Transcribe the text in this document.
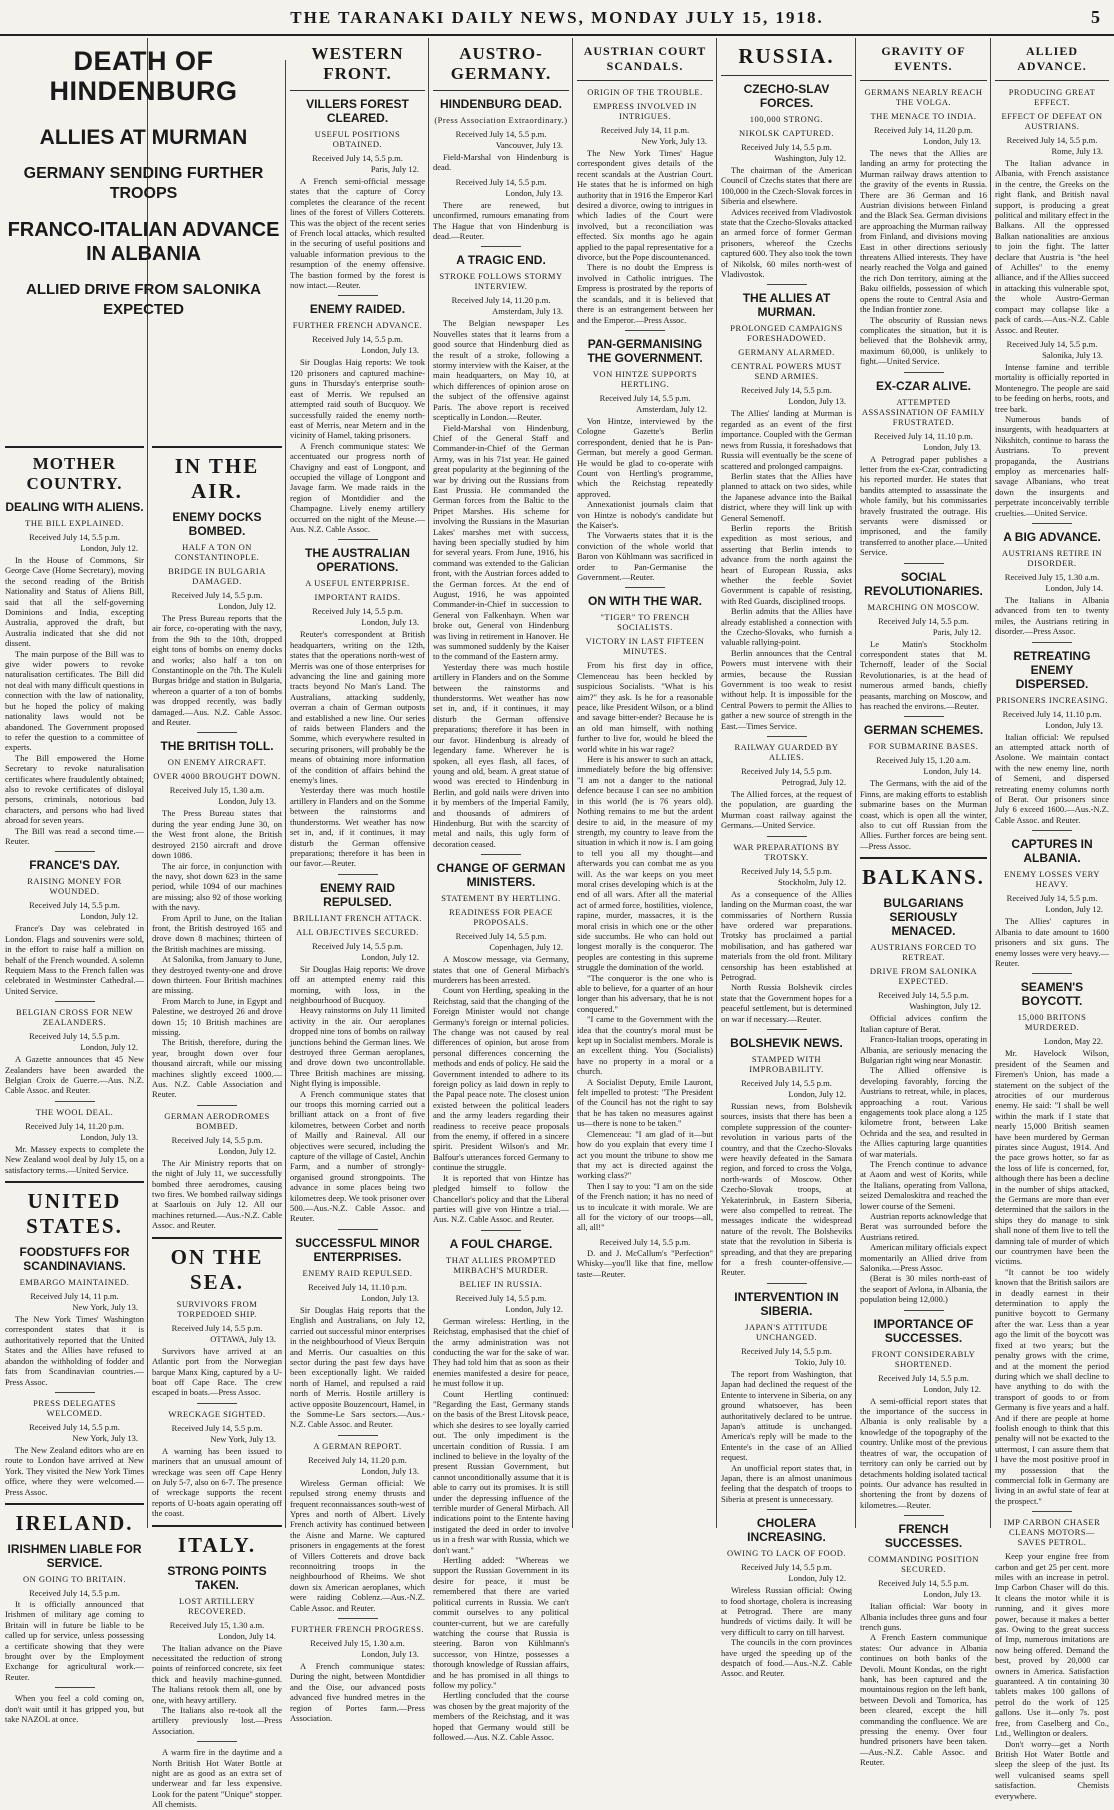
THE TARANAKI DAILY NEWS, MONDAY JULY 15, 1918.	5
DEATH OF HINDENBURG
ALLIES AT MURMAN
GERMANY SENDING FURTHER TROOPS
FRANCO-ITALIAN ADVANCE IN ALBANIA
ALLIED DRIVE FROM SALONIKA EXPECTED
MOTHER COUNTRY.
DEALING WITH ALIENS.
THE BILL EXPLAINED.
Received July 14, 5.5 p.m.
London, July 12.

In the House of Commons, Sir George Cave (Home Secretary), moving the second reading of the British Nationality and Status of Aliens Bill, said that all the self-governing Dominions and India, excepting Australia, approved the draft, but Australia indicated that she did not dissent.

The main purpose of the Bill was to give wider powers to revoke naturalisation certificates. The Bill did not deal with many difficult questions in connection with the law of nationality, but he hoped the policy of making nationality laws would not be abandoned. The Government proposed to refer the question to a committee of experts.

The Bill empowered the Home Secretary to revoke naturalisation certificates where fraudulently obtained; also to revoke certificates of disloyal persons, criminals, notorious bad characters, and persons who had lived abroad for seven years.

The Bill was read a second time.—Reuter.

FRANCE'S DAY.
RAISING MONEY FOR WOUNDED.
Received July 14, 5.5 p.m.
London, July 12.

France's Day was celebrated in London. Flags and souvenirs were sold, in the effort to raise half a million on behalf of the French wounded. A solemn Requiem Mass to the French fallen was celebrated in Westminster Cathedral.—United Service.

BELGIAN CROSS FOR NEW ZEALANDERS.
Received July 14, 5.5 p.m.
London, July 12.

A Gazette announces that 45 New Zealanders have been awarded the Belgian Croix de Guerre.—Aus. N.Z. Cable Assoc. and Reuter.

THE WOOL DEAL.
Received July 14, 11.20 p.m.
London, July 13.

Mr. Massey expects to complete the New Zealand wool deal by July 15, on a satisfactory terms.—United Service.

UNITED STATES.
FOODSTUFFS FOR SCANDINAVIANS.
EMBARGO MAINTAINED.
Received July 14, 11 p.m.
New York, July 13.

The New York Times' Washington correspondent states that it is authoritatively reported that the United States and the Allies have refused to abandon the withholding of fodder and fats from Scandinavian countries.—Press Assoc.

PRESS DELEGATES WELCOMED.
Received July 14, 5.5 p.m.
New York, July 13.

The New Zealand editors who are en route to London have arrived at New York. They visited the New York Times office, where they were welcomed.—Press Assoc.

IRELAND.
IRISHMEN LIABLE FOR SERVICE.
ON GOING TO BRITAIN.
Received July 14, 5.5 p.m.

It is officially announced that Irishmen of military age coming to Britain will in future be liable to be called up for service, unless possessing a certificate showing that they were brought over by the Employment Exchange for agricultural work.—Reuter.

When you feel a cold coming on, don't wait until it has gripped you, but take NAZOL at once.

IN THE AIR.
ENEMY DOCKS BOMBED.
HALF A TON ON CONSTANTINOPLE.
BRIDGE IN BULGARIA DAMAGED.
Received July 14, 5.5 p.m.
London, July 12.

The Press Bureau reports that the air force, co-operating with the navy, from the 9th to the 10th, dropped eight tons of bombs on enemy docks and works; also half a ton on Constantinople on the 7th. The Kuleli Burgas bridge and station in Bulgaria, whereon a quarter of a ton of bombs was dropped recently, was badly damaged.—Aus. N.Z. Cable Assoc. and Reuter.

THE BRITISH TOLL.
ON ENEMY AIRCRAFT.
OVER 4000 BROUGHT DOWN.
Received July 15, 1.30 a.m.
London, July 13.

The Press Bureau states that during the year ending June 30, on the West front alone, the British destroyed 2150 aircraft and drove down 1086.

The air force, in conjunction with the navy, shot down 623 in the same period, while 1094 of our machines are missing; also 92 of those working with the navy.

From April to June, on the Italian front, the British destroyed 165 and drove down 8 machines; thirteen of the British machines are missing.

At Salonika, from January to June, they destroyed twenty-one and drove down thirteen. Four British machines are missing.

From March to June, in Egypt and Palestine, we destroyed 26 and drove down 15; 10 British machines are missing.

The British, therefore, during the year, brought down over four thousand aircraft, while our missing machines slightly exceed 1000.—Aus. N.Z. Cable Association and Reuter.

GERMAN AERODROMES BOMBED.
Received July 14, 5.5 p.m.
London, July 12.

The Air Ministry reports that on the night of July 11, we successfully bombed three aerodromes, causing two fires. We bombed railway sidings at Saarlouis on July 12. All our machines returned.—Aus.-N.Z. Cable Assoc. and Reuter.

ON THE SEA.
SURVIVORS FROM TORPEDOED SHIP.
Received July 14, 5.5 p.m.
OTTAWA, July 13.

Survivors have arrived at an Atlantic port from the Norwegian barque Manx King, captured by a U-boat off Cape Race. The crew escaped in boats.—Press Assoc.

WRECKAGE SIGHTED.
Received July 14, 5.5 p.m.
New York, July 13.

A warning has been issued to mariners that an unusual amount of wreckage was seen off Cape Henry on July 5-7, also on 6-7. The presence of wreckage supports the recent reports of U-boats again operating off the coast.

ITALY.
STRONG POINTS TAKEN.
LOST ARTILLERY RECOVERED.
Received July 15, 1.30 a.m.
London, July 14.

The Italian advance on the Piave necessitated the reduction of strong points of reinforced concrete, six feet thick and heavily machine-gunned. The Italians retook them all, one by one, with heavy artillery.

The Italians also re-took all the artillery previously lost.—Press Association.

A warm fire in the daytime and a North British Hot Water Bottle at night are as good as an extra set of underwear and far less expensive. Look for the patent "Unique" stopper. All chemists.

WESTERN FRONT.
VILLERS FOREST CLEARED.
USEFUL POSITIONS OBTAINED.
Received July 14, 5.5 p.m.
Paris, July 12.

A French semi-official message states that the capture of Corcy completes the clearance of the recent lines of the forest of Villers Cotterets. This was the object of the recent series of French local attacks, which resulted in the securing of useful positions and valuable information previous to the resumption of the enemy offensive. The bastion formed by the forest is now intact.—Reuter.

ENEMY RAIDED.
FURTHER FRENCH ADVANCE.
Received July 14, 5.5 p.m.
London, July 13.

Sir Douglas Haig reports: We took 120 prisoners and captured machine-guns in Thursday's enterprise south-east of Merris. We repulsed an attempted raid south of Bucquoy. We successfully raided the enemy north-east of Merris, near Metern and in the vicinity of Hamel, taking prisoners.

A French communique states: We accentuated our progress north of Chavigny and east of Longpont, and occupied the village of Longpont and Javage farm. We made raids in the region of Montdidier and the Champagne. Lively enemy artillery occurred on the night of the Meuse.—Aus. N.Z. Cable Assoc.

THE AUSTRALIAN OPERATIONS.
A USEFUL ENTERPRISE.
IMPORTANT RAIDS.
Received July 14, 5.5 p.m.
London, July 13.

Reuter's correspondent at British headquarters, writing on the 12th, states that the operations north-west of Merris was one of those enterprises for advancing the line and gaining more tracts beyond No Man's Land. The Australians, attacking suddenly, overran a chain of German outposts and established a new line. Our series of raids between Flanders and the Somme, which everywhere resulted in securing prisoners, will probably be the means of obtaining more information of the condition of affairs behind the enemy's lines.

Yesterday there was much hostile artillery in Flanders and on the Somme between the rainstorms and thunderstorms. Wet weather has now set in, and, if it continues, it may disturb the German offensive preparations; therefore it has been in our favor.—Reuter.

ENEMY RAID REPULSED.
BRILLIANT FRENCH ATTACK.
ALL OBJECTIVES SECURED.
Received July 14, 5.5 p.m.
London, July 12.

Sir Douglas Haig reports: We drove off an attempted enemy raid this morning, with loss, in the neighbourhood of Bucquoy.

Heavy rainstorms on July 11 limited activity in the air. Our aeroplanes dropped nine tons of bombs on railway junctions behind the German lines. We destroyed three German aeroplanes, and drove down two uncontrollable. Three British machines are missing. Night flying is impossible.

A French communique states that our troops this morning carried out a brilliant attack on a front of five kilometres, between Corbet and north of Mailly and Raineval. All our objectives were secured, including the capture of the village of Castel, Anchin Farm, and a number of strongly-organised ground strongpoints. The advance in some places being two kilometres deep. We took prisoner over 500.—Aus.-N.Z. Cable Assoc. and Reuter.

SUCCESSFUL MINOR ENTERPRISES.
ENEMY RAID REPULSED.
Received July 14, 11.10 p.m.
London, July 13.

Sir Douglas Haig reports that the English and Australians, on July 12, carried out successful minor enterprises in the neighbourhood of Vieux Berquin and Merris. Our casualties on this sector during the past few days have been exceptionally light. We raided north of Hamel, and repulsed a raid north of Merris. Hostile artillery is active opposite Bouzencourt, Hamel, in the Somme-Le Sars sectors.—Aus.-N.Z. Cable Assoc. and Reuter.

A GERMAN REPORT.
Received July 14, 11.20 p.m.
London, July 13.

Wireless German official: We repulsed strong enemy thrusts and frequent reconnaissances south-west of Ypres and north of Albert. Lively French activity has continued between the Aisne and Marne. We captured prisoners in engagements at the forest of Villers Cotterets and drove back reconnoitring troops in the neighbourhood of Rheims. We shot down six American aeroplanes, which were raiding Coblenz.—Aus.-N.Z. Cable Assoc. and Reuter.

FURTHER FRENCH PROGRESS.
Received July 15, 1.30 a.m.
London, July 13.

A French communique states: During the night, between Montdidier and the Oise, our advanced posts advanced five hundred metres in the region of Portes farm.—Press Association.

AUSTRO-GERMANY.
HINDENBURG DEAD.
(Press Association Extraordinary.)
Received July 14, 5.5 p.m.
Vancouver, July 13.

Field-Marshal von Hindenburg is dead.

Received July 14, 5.5 p.m.
London, July 13.

There are renewed, but unconfirmed, rumours emanating from The Hague that von Hindenburg is dead.—Reuter.

A TRAGIC END.
STROKE FOLLOWS STORMY INTERVIEW.
Received July 14, 11.20 p.m.
Amsterdam, July 13.

The Belgian newspaper Les Nouvelles states that it learns from a good source that Hindenburg died as the result of a stroke, following a stormy interview with the Kaiser, at the main headquarters, on May 10, at which differences of opinion arose on the subject of the offensive against Paris. The above report is received sceptically in London.—Reuter.

Field-Marshal von Hindenburg, Chief of the General Staff and Commander-in-Chief of the German Army, was in his 71st year. He gained great popularity at the beginning of the war by driving out the Russians from East Prussia. He commanded the German forces from the Baltic to the Pripet Marshes. His scheme for involving the Russians in the Masurian Lakes' marshes met with success, having been specially studied by him for several years. From June, 1916, his command was extended to the Galician front, with the Austrian forces added to the German forces. At the end of August, 1916, he was appointed Commander-in-Chief in succession to General von Falkenhayn. When war broke out, General von Hindenburg was living in retirement in Hanover. He was summoned suddenly by the Kaiser to the command of the Eastern army.

Yesterday there was much hostile artillery in Flanders and on the Somme between the rainstorms and thunderstorms. Wet weather has now set in, and, if it continues, it may disturb the German offensive preparations; therefore it has been in our favor. Hindenburg is already of legendary fame. Wherever he is spoken, all eyes flash, all faces, of young and old, beam. A great statue of wood was erected to Hindenburg in Berlin, and gold nails were driven into it by members of the Imperial Family, and thousands of admirers of Hindenburg. But with the scarcity of metal and nails, this ugly form of decoration ceased.

CHANGE OF GERMAN MINISTERS.
STATEMENT BY HERTLING.
READINESS FOR PEACE PROPOSALS.
Received July 14, 5.5 p.m.
Copenhagen, July 12.

A Moscow message, via Germany, states that one of General Mirbach's murderers has been arrested.

Count von Hertling, speaking in the Reichstag, said that the changing of the Foreign Minister would not change Germany's foreign or internal policies. The change was not caused by real differences of opinion, but arose from personal differences concerning the methods and ends of policy. He said the Government intended to adhere to its foreign policy as laid down in reply to the Papal peace note. The closest union existed between the political leaders and the army leaders regarding their readiness to receive peace proposals from the enemy, if offered in a sincere spirit. President Wilson's and Mr. Balfour's utterances forced Germany to continue the struggle.

It is reported that von Hintze has pledged himself to follow the Chancellor's policy and that the Liberal parties will give von Hintze a trial.—Aus. N.Z. Cable Assoc. and Reuter.

A FOUL CHARGE.
THAT ALLIES PROMPTED MIRBACH'S MURDER.
BELIEF IN RUSSIA.
Received July 14, 5.5 p.m.
London, July 12.

German wireless: Hertling, in the Reichstag, emphasised that the chief of the army administration was not conducting the war for the sake of war. They had told him that as soon as their enemies manifested a desire for peace, he must follow it up.

Count Hertling continued: "Regarding the East, Germany stands on the basis of the Brest Litovsk peace, which she desires to see loyally carried out. The only impediment is the uncertain condition of Russia. I am inclined to believe in the loyalty of the present Russian Government, but cannot unconditionally assume that it is able to carry out its promises. It is still under the depressing influence of the terrible murder of General Mirbach. All indications point to the Entente having instigated the deed in order to involve us in a fresh war with Russia, which we don't want."

Hertling added: "Whereas we support the Russian Government in its desire for peace, it must be remembered that there are varied political currents in Russia. We can't commit ourselves to any political counter-current, but we are carefully watching the course that Russia is steering. Baron von Kühlmann's successor, von Hintze, possesses a thorough knowledge of Russian affairs, and he has promised in all things to follow my policy."

Hertling concluded that the course was chosen by the great majority of the members of the Reichstag, and it was hoped that Germany would still be followed.—Aus. N.Z. Cable Assoc.

AUSTRIAN COURT SCANDALS.
ORIGIN OF THE TROUBLE.
EMPRESS INVOLVED IN INTRIGUES.
Received July 14, 11 p.m.
New York, July 13.

The New York Times' Hague correspondent gives details of the recent scandals at the Austrian Court. He states that he is informed on high authority that in 1916 the Emperor Karl desired a divorce, owing to intrigues in which ladies of the Court were involved, but a reconciliation was effected. Six months ago he again applied to the papal representative for a divorce, but the Pope discountenanced.

There is no doubt the Empress is involved in Catholic intrigues. The Empress is prostrated by the reports of the scandals, and it is believed that there is an estrangement between her and the Emperor.—Press Assoc.

PAN-GERMANISING THE GOVERNMENT.
VON HINTZE SUPPORTS HERTLING.
Received July 14, 5.5 p.m.
Amsterdam, July 12.

Von Hintze, interviewed by the Cologne Gazette's Berlin correspondent, denied that he is Pan-German, but merely a good German. He would be glad to co-operate with Count von Hertling's programme, which the Reichstag repeatedly approved.

Annexationist journals claim that von Hintze is nobody's candidate but the Kaiser's.

The Vorwaerts states that it is the conviction of the whole world that Baron von Kühlmann was sacrificed in order to Pan-Germanise the Government.—Reuter.

ON WITH THE WAR.
"TIGER" TO FRENCH SOCIALISTS.
VICTORY IN LAST FIFTEEN MINUTES.

From his first day in office, Clemenceau has been heckled by suspicious Socialists. "What is his aim?" they ask. Is he for a reasonable peace, like President Wilson, or a blind and savage bitter-ender? Because he is an old man himself, with nothing further to live for, would he bleed the world white in his war rage?

Here is his answer to such an attack, immediately before the big offensive: "I am not a danger to the national defence because I can see no ambition in this world (he is 76 years old). Nothing remains to me but the ardent desire to aid, in the measure of my strength, my country to leave from the situation in which it now is. I am going to tell you all my thought—and afterwards you can combat me as you will. As the war keeps on you meet moral crises developing which is at the end of all wars. After all the material act of armed force, hostilities, violence, rapine, murder, massacres, it is the moral crisis in which one or the other side succumbs. He who can hold out longest morally is the conqueror. The peoples are contesting in this supreme struggle the domination of the world.

"The conqueror is the one who is able to believe, for a quarter of an hour longer than his adversary, that he is not conquered."

"I came to the Government with the idea that the country's moral must be kept up in Socialist members. Morale is an excellent thing. You (Socialists) have no property in a moral or a church.

A Socialist Deputy, Emile Lauront, felt impelled to protest: "The President of the Council has not the right to say that he has taken no measures against us—there is none to be taken."

Clemenceau: "I am glad of it—but how do you explain that every time I act you mount the tribune to show me that my act is directed against the working class?"

Then I say to you: "I am on the side of the French nation; it has no need of us to inculcate it with morale. We are all for the victory of our troops—all, all, all!"

Received July 14, 5.5 p.m.

D. and J. McCallum's "Perfection" Whisky—you'll like that fine, mellow taste—Reuter.

RUSSIA.
CZECHO-SLAV FORCES.
100,000 STRONG.
NIKOLSK CAPTURED.
Received July 14, 5.5 p.m.
Washington, July 12.

The chairman of the American Council of Czechs states that there are 100,000 in the Czech-Slovak forces in Siberia and elsewhere.

Advices received from Vladivostok state that the Czecho-Slovaks attacked an armed force of former German prisoners, whereof the Czechs captured 600. They also took the town of Nikolsk, 60 miles north-west of Vladivostok.

THE ALLIES AT MURMAN.
PROLONGED CAMPAIGNS FORESHADOWED.
GERMANY ALARMED.
CENTRAL POWERS MUST SEND ARMIES.
Received July 14, 5.5 p.m.
London, July 13.

The Allies' landing at Murman is regarded as an event of the first importance. Coupled with the German news from Russia, it foreshadows that Russia will eventually be the scene of scattered and prolonged campaigns.

Berlin states that the Allies have planned to attack on two sides, while the Japanese advance into the Baikal district, where they will link up with General Semenoff.

Berlin reports the British expedition as most serious, and asserting that Berlin intends to advance from the north against the heart of European Russia, asks whether the feeble Soviet Government is capable of resisting, with Red Guards, disciplined troops.

Berlin admits that the Allies have already established a connection with the Czecho-Slovaks, who furnish a valuable rallying-point.

Berlin announces that the Central Powers must intervene with their armies, because the Russian Government is too weak to resist without help. It is impossible for the Central Powers to permit the Allies to gather a new source of strength in the East.—Times Service.

RAILWAY GUARDED BY ALLIES.
Received July 14, 5.5 p.m.
Petrograd, July 12.

The Allied forces, at the request of the population, are guarding the Murman coast railway against the Germans.—United Service.

WAR PREPARATIONS BY TROTSKY.
Received July 14, 5.5 p.m.
Stockholm, July 12.

As a consequence of the Allies landing on the Murman coast, the war commissaries of Northern Russia have ordered war preparations. Trotsky has proclaimed a partial mobilisation, and has gathered war materials from the old front. Military censorship has been established at Petrograd.

North Russia Bolshevik circles state that the Government hopes for a peaceful settlement, but is determined on war if necessary.—Reuter.

BOLSHEVIK NEWS.
STAMPED WITH IMPROBABILITY.
Received July 14, 5.5 p.m.
London, July 12.

Russian news, from Bolshevik sources, insists that there has been a complete suppression of the counter-revolution in various parts of the country, and that the Czecho-Slovaks were heavily defeated in the Samara region, and forced to cross the Volga, north-wards of Moscow. Other Czecho-Slovak troops, at Yekaterinbruk, in Eastern Siberia, were also compelled to retreat. The messages indicate the widespread nature of the revolt. The Bolsheviks state that the revolution in Siberia is spreading, and that they are preparing for a fresh counter-offensive.—Reuter.

INTERVENTION IN SIBERIA.
JAPAN'S ATTITUDE UNCHANGED.
Received July 14, 5.5 p.m.
Tokio, July 10.

The report from Washington, that Japan had declined the request of the Entente to intervene in Siberia, on any ground whatsoever, has been authoritatively declared to be untrue. Japan's attitude is unchanged. America's reply will be made to the Entente's in the case of an Allied request.

An unofficial report states that, in Japan, there is an almost unanimous feeling that the despatch of troops to Siberia at present is unnecessary.

CHOLERA INCREASING.
OWING TO LACK OF FOOD.
Received July 14, 5.5 p.m.
London, July 12.

Wireless Russian official: Owing to food shortage, cholera is increasing at Petrograd. There are many hundreds of victims daily. It will be very difficult to carry on till harvest.

The councils in the corn provinces have urged the speeding up of the despatch of food.—Aus.-N.Z. Cable Assoc. and Reuter.

GRAVITY OF EVENTS.
GERMANS NEARLY REACH THE VOLGA.
THE MENACE TO INDIA.
Received July 14, 11.20 p.m.
London, July 13.

The news that the Allies are landing an army for protecting the Murman railway draws attention to the gravity of the events in Russia. There are 36 German and 16 Austrian divisions between Finland and the Black Sea. German divisions are approaching the Murman railway from Finland, and divisions moving East in other directions seriously threatens Allied interests. They have nearly reached the Volga and gained the rich Don territory, aiming at the Baku oilfields, possession of which opens the route to Central Asia and the Indian frontier zone.

The obscurity of Russian news complicates the situation, but it is believed that the Bolshevik army, maximum 60,000, is unlikely to fight.—United Service.

EX-CZAR ALIVE.
ATTEMPTED ASSASSINATION OF FAMILY FRUSTRATED.
Received July 14, 11.10 p.m.
London, July 13.

A Petrograd paper publishes a letter from the ex-Czar, contradicting his reported murder. He states that bandits attempted to assassinate the whole family, but his commissaries bravely frustrated the outrage. His servants were dismissed or imprisoned, and the family transferred to another place.—United Service.

SOCIAL REVOLUTIONARIES.
MARCHING ON MOSCOW.
Received July 14, 5.5 p.m.
Paris, July 12.

Le Matin's Stockholm correspondent states that M. Tchernoff, leader of the Social Revolutionaries, is at the head of numerous armed bands, chiefly peasants, marching on Moscow, and has reached the environs.—Reuter.

GERMAN SCHEMES.
FOR SUBMARINE BASES.
Received July 15, 1.20 a.m.
London, July 14.

The Germans, with the aid of the Finns, are making efforts to establish submarine bases on the Murman coast, which is open all the winter, also to cut off Russian from the Allies. Further forces are being sent.—Press Assoc.

BALKANS.
BULGARIANS SERIOUSLY MENACED.
AUSTRIANS FORCED TO RETREAT.
DRIVE FROM SALONIKA EXPECTED.
Received July 14, 5.5 p.m.
Washington, July 12.

Official advices confirm the Italian capture of Berat.

Franco-Italian troops, operating in Albania, are seriously menacing the Bulgarian right wing near Monastir.

The Allied offensive is developing favorably, forcing the Austrians to retreat, while, in places, approaching a rout. Various engagements took place along a 125 kilometre front, between Lake Ochrida and the sea, and resulted in the Allies capturing large quantities of war materials.

The French continue to advance at Aaom and west of Korits, while the Italians, operating from Vallona, seized Demaloskitra and reached the lower course of the Semeni.

Austrian reports acknowledge that Berat was surrounded before the Austrians retired.

American military officials expect momentarily an Allied drive from Salonika.—Press Assoc.

(Berat is 30 miles north-east of the seaport of Avlona, in Albania, the population being 12,000.)

IMPORTANCE OF SUCCESSES.
FRONT CONSIDERABLY SHORTENED.
Received July 14, 5.5 p.m.
London, July 12.

A semi-official report states that the importance of the success in Albania is only realisable by a knowledge of the topography of the country. Unlike most of the previous theatres of war, the occupation of territory can only be carried out by detachments holding isolated tactical points. Our advance has resulted in shortening the front by dozens of kilometres.—Reuter.

FRENCH SUCCESSES.
COMMANDING POSITION SECURED.
Received July 14, 5.5 p.m.
London, July 13.

Italian official: War booty in Albania includes three guns and four trench guns.

A French Eastern communique states: Our advance in Albania continues on both banks of the Devoli. Mount Kondas, on the right bank, has been captured and the mountainous region on the left bank, between Devoli and Tomorica, has been cleared, except the hill commanding the confluence. We are pressing the enemy. Over four hundred prisoners have been taken.—Aus.-N.Z. Cable Assoc. and Reuter.

ALLIED ADVANCE.
PRODUCING GREAT EFFECT.
EFFECT OF DEFEAT ON AUSTRIANS.
Received July 14, 5.5 p.m.
Rome, July 13.

The Italian advance in Albania, with French assistance in the centre, the Greeks on the right flank, and British naval support, is producing a great political and military effect in the Balkans. All the oppressed Balkan nationalities are anxious to join the fight. The latter declare that Austria is "the heel of Achilles" to the enemy alliance, and if the Allies succeed in attacking this vulnerable spot, the whole Austro-German compact may collapse like a pack of cards.—Aus.-N.Z. Cable Assoc. and Reuter.

Received July 14, 5.5 p.m.
Salonika, July 13.

Intense famine and terrible mortality is officially reported in Montenegro. The people are said to be feeding on herbs, roots, and tree bark.

Numerous bands of insurgents, with headquarters at Nikshitch, continue to harass the Austrians. To prevent propaganda, the Austrians employ as mercenaries half-savage Albanians, who treat down the insurgents and perpetrate inconceivably terrible cruelties.—United Service.

A BIG ADVANCE.
AUSTRIANS RETIRE IN DISORDER.
Received July 15, 1.30 a.m.
London, July 14.

The Italians in Albania advanced from ten to twenty miles, the Austrians retiring in disorder.—Press Assoc.

RETREATING ENEMY DISPERSED.
PRISONERS INCREASING.
Received July 14, 11.10 p.m.
London, July 13.

Italian official: We repulsed an attempted attack north of Asolone. We maintain contact with the new enemy line, north of Semeni, and dispersed retreating enemy columns north of Berat. Our prisoners since July 6 exceed 1600.—Aus.-N.Z. Cable Assoc. and Reuter.

CAPTURES IN ALBANIA.
ENEMY LOSSES VERY HEAVY.
Received July 14, 5.5 p.m.
London, July 12.

The Allies' captures in Albania to date amount to 1600 prisoners and six guns. The enemy losses were very heavy.—Reuter.

SEAMEN'S BOYCOTT.
15,000 BRITONS MURDERED.
London, May 22.

Mr. Havelock Wilson, president of the Seamen and Firemen's Union, has made a statement on the subject of the atrocities of our murderous enemy. He said: "I shall be well within the mark if I state that nearly 15,000 British seamen have been murdered by German pirates since August, 1914. And the pace grows hotter, so far as the loss of life is concerned, for, although there has been a decline in the number of ships attacked, the Germans are more than ever determined that the sailors in the ships they do manage to sink shall none of them live to tell the damning tale of murder of which our countrymen have been the victims.

"It cannot be too widely known that the British sailors are in deadly earnest in their determination to apply the punitive boycott to Germany after the war. Less than a year ago the limit of the boycott was fixed at two years; but the penalty grows with the crime, and at the moment the period during which we shall decline to have anything to do with the transport of goods to or from Germany is five years and a half. And if there are people at home foolish enough to think that this penalty will not be exacted to the uttermost, I can assure them that I have the most positive proof in my possession that the commercial folk in Germany are living in an awful state of fear at the prospect."

IMP CARBON CHASER CLEANS MOTORS—SAVES PETROL.

Keep your engine free from carbon and get 25 per cent. more miles with an increase in petrol. Imp Carbon Chaser will do this. It cleans the motor while it is running, and it gives more power, because it makes a better gas. Owing to the great success of Imp, numerous imitations are now being offered. Demand the best, proved by 20,000 car owners in America. Satisfaction guaranteed. A tin containing 30 tablets makes 100 gallons of petrol do the work of 125 gallons. Use it—only 7s. post free, from Caselberg and Co., Ltd., Wellington or dealers.

Don't worry—get a North British Hot Water Bottle and sleep the sleep of the just. Its well vulcanised seams spell satisfaction. Chemists everywhere.
